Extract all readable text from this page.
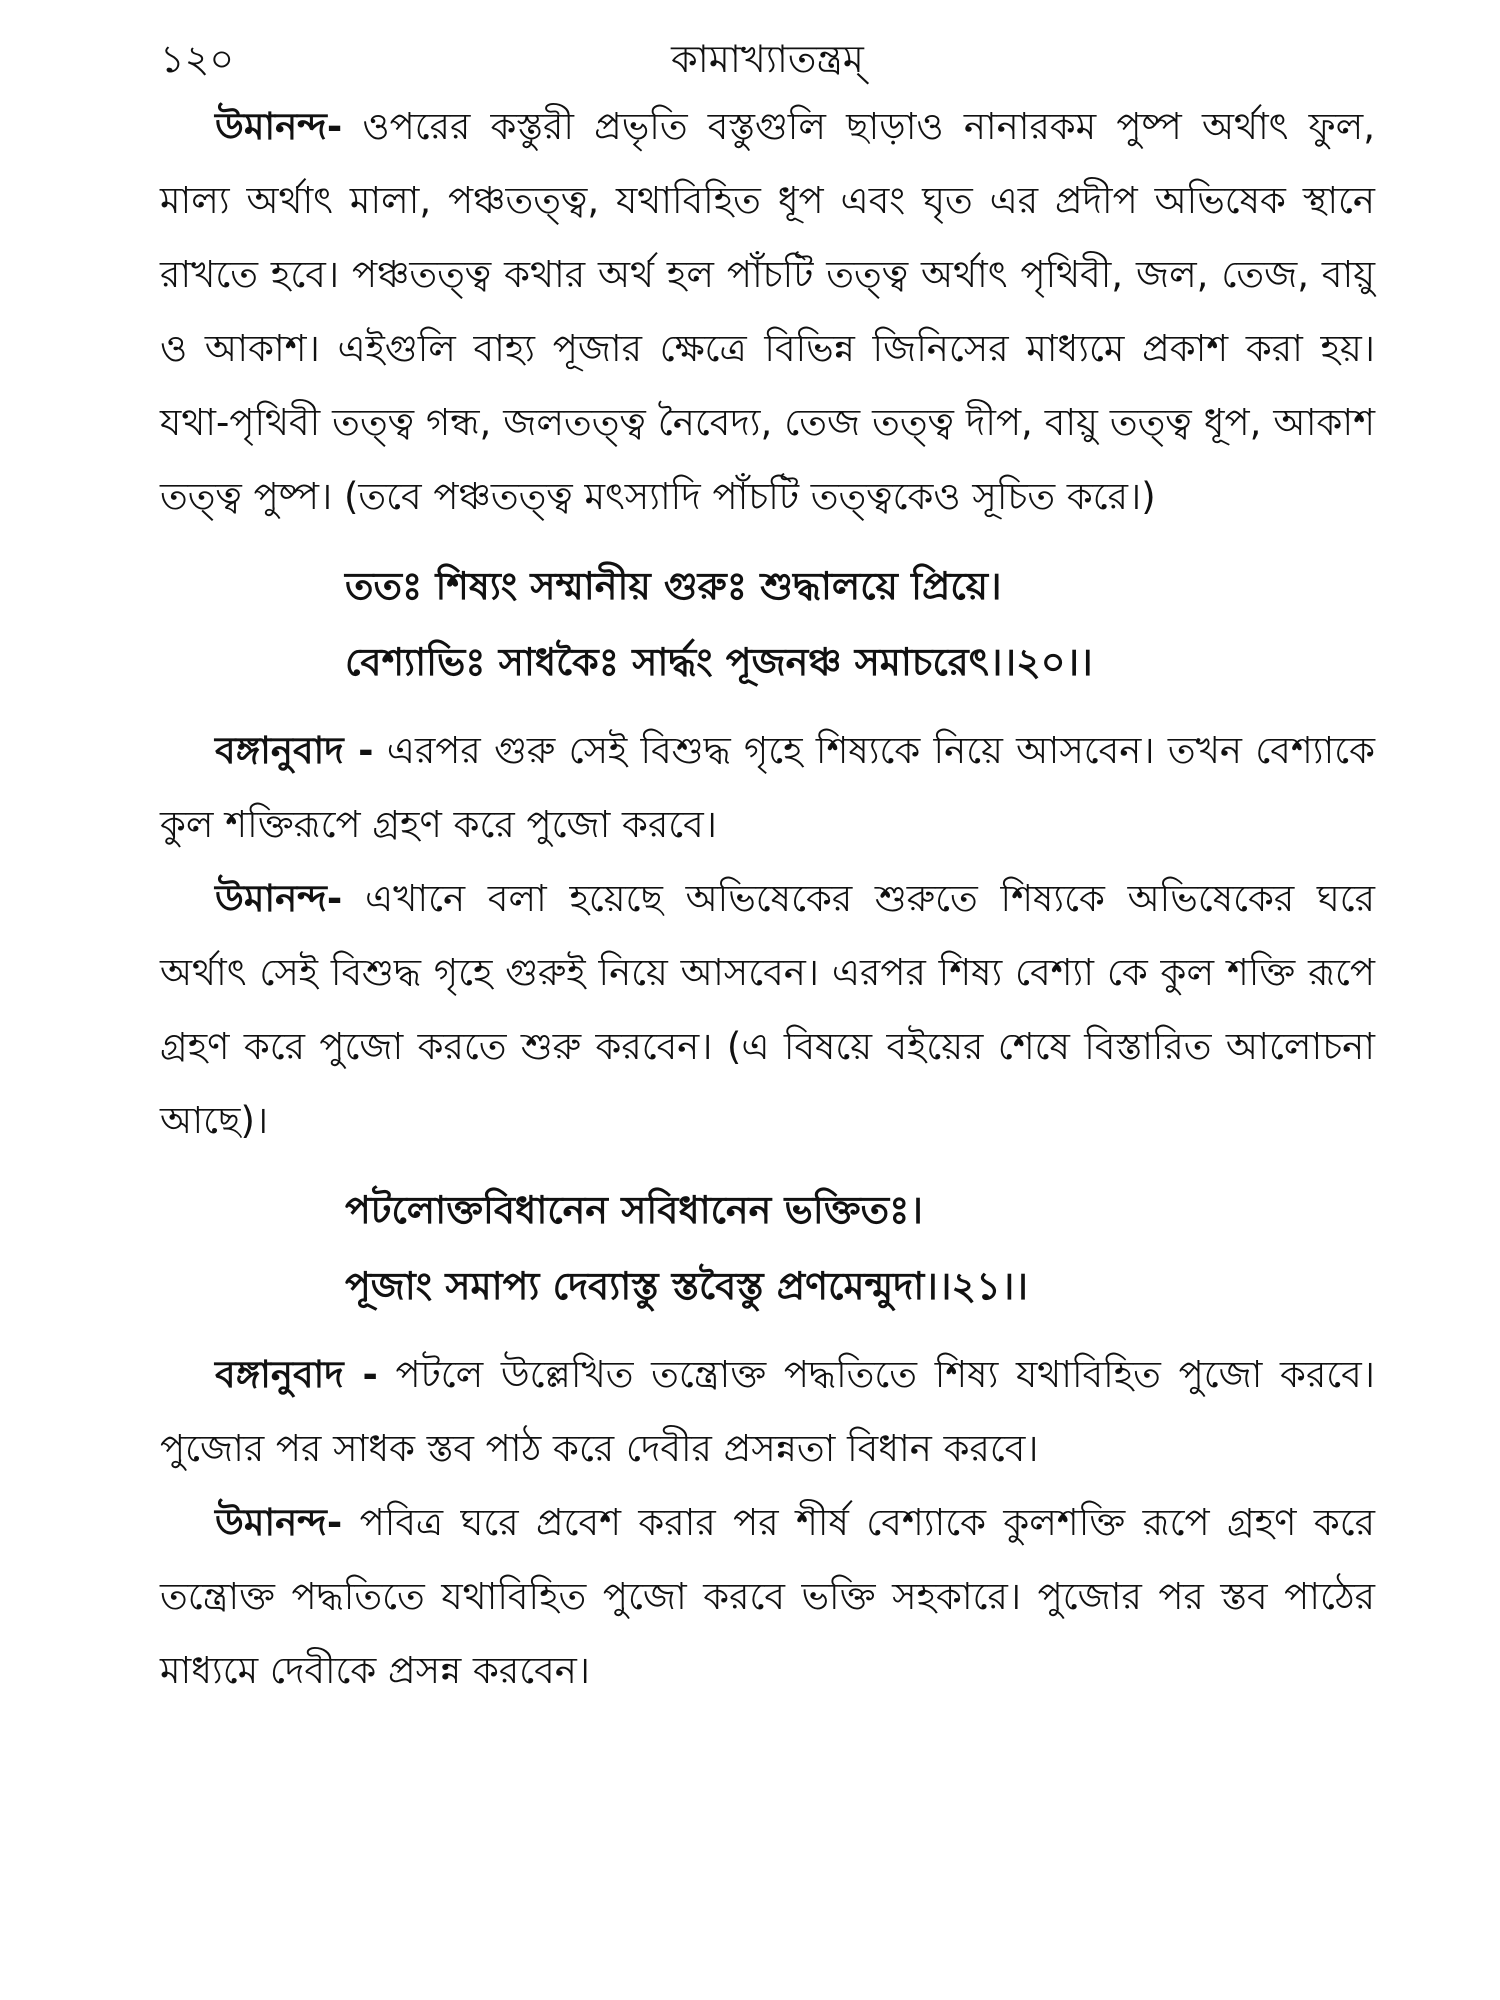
১২০	কামাখ্যাতন্ত্রম্

উমানন্দ- ওপরের কস্তুরী প্রভৃতি বস্তুগুলি ছাড়াও নানারকম পুষ্প অর্থাৎ ফুল, মাল্য অর্থাৎ মালা, পঞ্চতত্ত্ব, যথাবিহিত ধূপ এবং ঘৃত এর প্রদীপ অভিষেক স্থানে রাখতে হবে। পঞ্চতত্ত্ব কথার অর্থ হল পাঁচটি তত্ত্ব অর্থাৎ পৃথিবী, জল, তেজ, বায়ু ও আকাশ। এইগুলি বাহ্য পূজার ক্ষেত্রে বিভিন্ন জিনিসের মাধ্যমে প্রকাশ করা হয়। যথা-পৃথিবী তত্ত্ব গন্ধ, জলতত্ত্ব নৈবেদ্য, তেজ তত্ত্ব দীপ, বায়ু তত্ত্ব ধূপ, আকাশ তত্ত্ব পুষ্প। (তবে পঞ্চতত্ত্ব মৎস্যাদি পাঁচটি তত্ত্বকেও সূচিত করে।)

ততঃ শিষ্যং সম্মানীয় গুরুঃ শুদ্ধালয়ে প্রিয়ে।
বেশ্যাভিঃ সাধকৈঃ সার্দ্ধং পূজনঞ্চ সমাচরেৎ।।২০।।

বঙ্গানুবাদ - এরপর গুরু সেই বিশুদ্ধ গৃহে শিষ্যকে নিয়ে আসবেন। তখন বেশ্যাকে কুল শক্তিরূপে গ্রহণ করে পুজো করবে।

উমানন্দ- এখানে বলা হয়েছে অভিষেকের শুরুতে শিষ্যকে অভিষেকের ঘরে অর্থাৎ সেই বিশুদ্ধ গৃহে গুরুই নিয়ে আসবেন। এরপর শিষ্য বেশ্যা কে কুল শক্তি রূপে গ্রহণ করে পুজো করতে শুরু করবেন। (এ বিষয়ে বইয়ের শেষে বিস্তারিত আলোচনা আছে)।

পটলোক্তবিধানেন সবিধানেন ভক্তিতঃ।
পূজাং সমাপ্য দেব্যাস্তু স্তবৈস্তু প্রণমেন্মুদা।।২১।।

বঙ্গানুবাদ - পটলে উল্লেখিত তন্ত্রোক্ত পদ্ধতিতে শিষ্য যথাবিহিত পুজো করবে। পুজোর পর সাধক স্তব পাঠ করে দেবীর প্রসন্নতা বিধান করবে।

উমানন্দ- পবিত্র ঘরে প্রবেশ করার পর শীর্ষ বেশ্যাকে কুলশক্তি রূপে গ্রহণ করে তন্ত্রোক্ত পদ্ধতিতে যথাবিহিত পুজো করবে ভক্তি সহকারে। পুজোর পর স্তব পাঠের মাধ্যমে দেবীকে প্রসন্ন করবেন।
